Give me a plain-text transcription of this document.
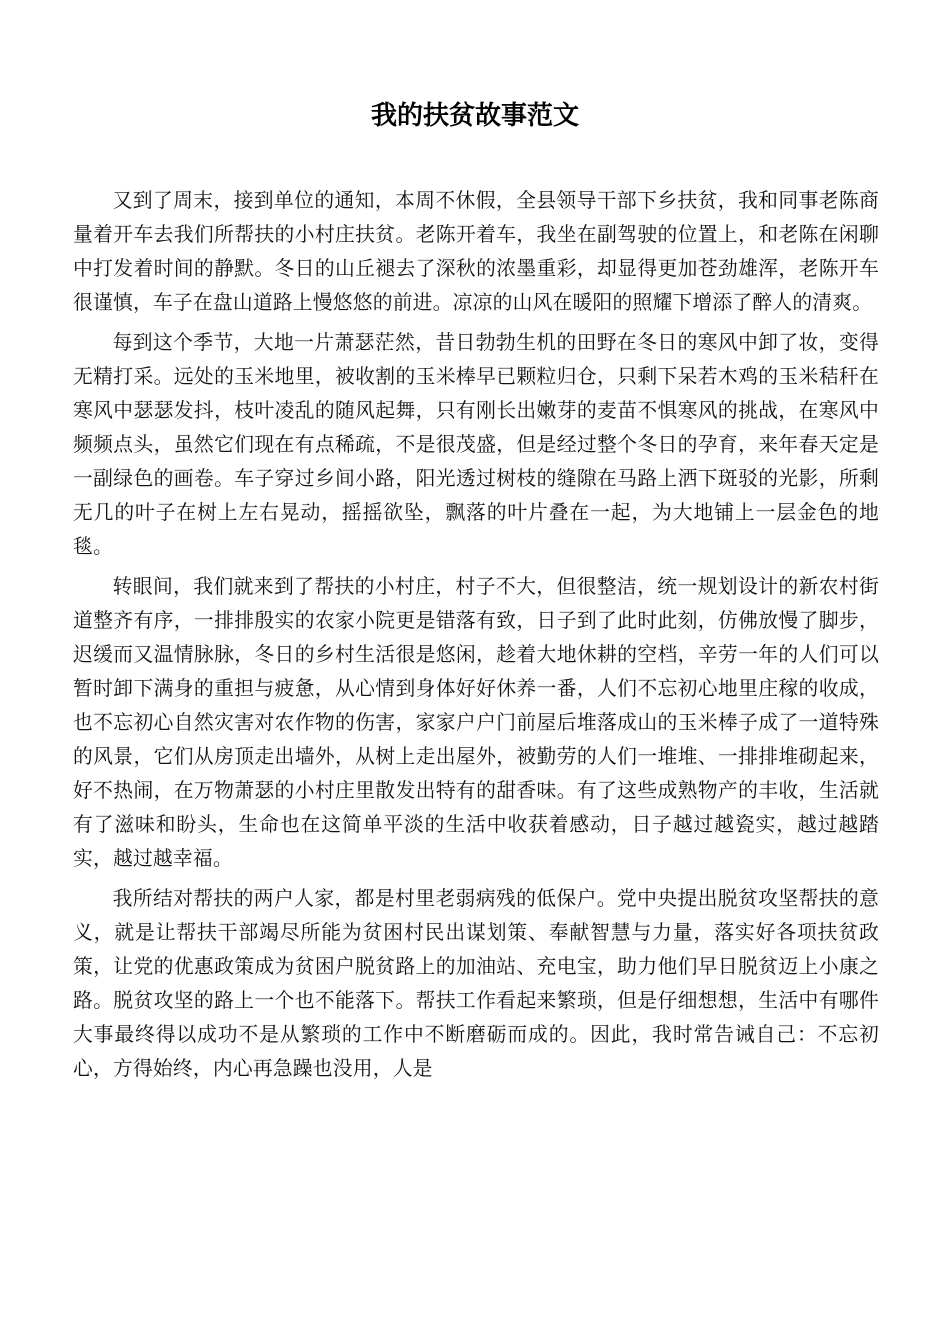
我的扶贫故事范文

又到了周末，接到单位的通知，本周不休假，全县领导干部下乡扶贫，我和同事老陈商量着开车去我们所帮扶的小村庄扶贫。老陈开着车，我坐在副驾驶的位置上，和老陈在闲聊中打发着时间的静默。冬日的山丘褪去了深秋的浓墨重彩，却显得更加苍劲雄浑，老陈开车很谨慎，车子在盘山道路上慢悠悠的前进。凉凉的山风在暖阳的照耀下增添了醉人的清爽。

每到这个季节，大地一片萧瑟茫然，昔日勃勃生机的田野在冬日的寒风中卸了妆，变得无精打采。远处的玉米地里，被收割的玉米棒早已颗粒归仓，只剩下呆若木鸡的玉米秸秆在寒风中瑟瑟发抖，枝叶凌乱的随风起舞，只有刚长出嫩芽的麦苗不惧寒风的挑战，在寒风中频频点头，虽然它们现在有点稀疏，不是很茂盛，但是经过整个冬日的孕育，来年春天定是一副绿色的画卷。车子穿过乡间小路，阳光透过树枝的缝隙在马路上洒下斑驳的光影，所剩无几的叶子在树上左右晃动，摇摇欲坠，飘落的叶片叠在一起，为大地铺上一层金色的地毯。

转眼间，我们就来到了帮扶的小村庄，村子不大，但很整洁，统一规划设计的新农村街道整齐有序，一排排殷实的农家小院更是错落有致，日子到了此时此刻，仿佛放慢了脚步，迟缓而又温情脉脉，冬日的乡村生活很是悠闲，趁着大地休耕的空档，辛劳一年的人们可以暂时卸下满身的重担与疲惫，从心情到身体好好休养一番，人们不忘初心地里庄稼的收成，也不忘初心自然灾害对农作物的伤害，家家户户门前屋后堆落成山的玉米棒子成了一道特殊的风景，它们从房顶走出墙外，从树上走出屋外，被勤劳的人们一堆堆、一排排堆砌起来，好不热闹，在万物萧瑟的小村庄里散发出特有的甜香味。有了这些成熟物产的丰收，生活就有了滋味和盼头，生命也在这简单平淡的生活中收获着感动，日子越过越瓷实，越过越踏实，越过越幸福。

我所结对帮扶的两户人家，都是村里老弱病残的低保户。党中央提出脱贫攻坚帮扶的意义，就是让帮扶干部竭尽所能为贫困村民出谋划策、奉献智慧与力量，落实好各项扶贫政策，让党的优惠政策成为贫困户脱贫路上的加油站、充电宝，助力他们早日脱贫迈上小康之路。脱贫攻坚的路上一个也不能落下。帮扶工作看起来繁琐，但是仔细想想，生活中有哪件大事最终得以成功不是从繁琐的工作中不断磨砺而成的。因此，我时常告诫自己：不忘初心，方得始终，内心再急躁也没用，人是
